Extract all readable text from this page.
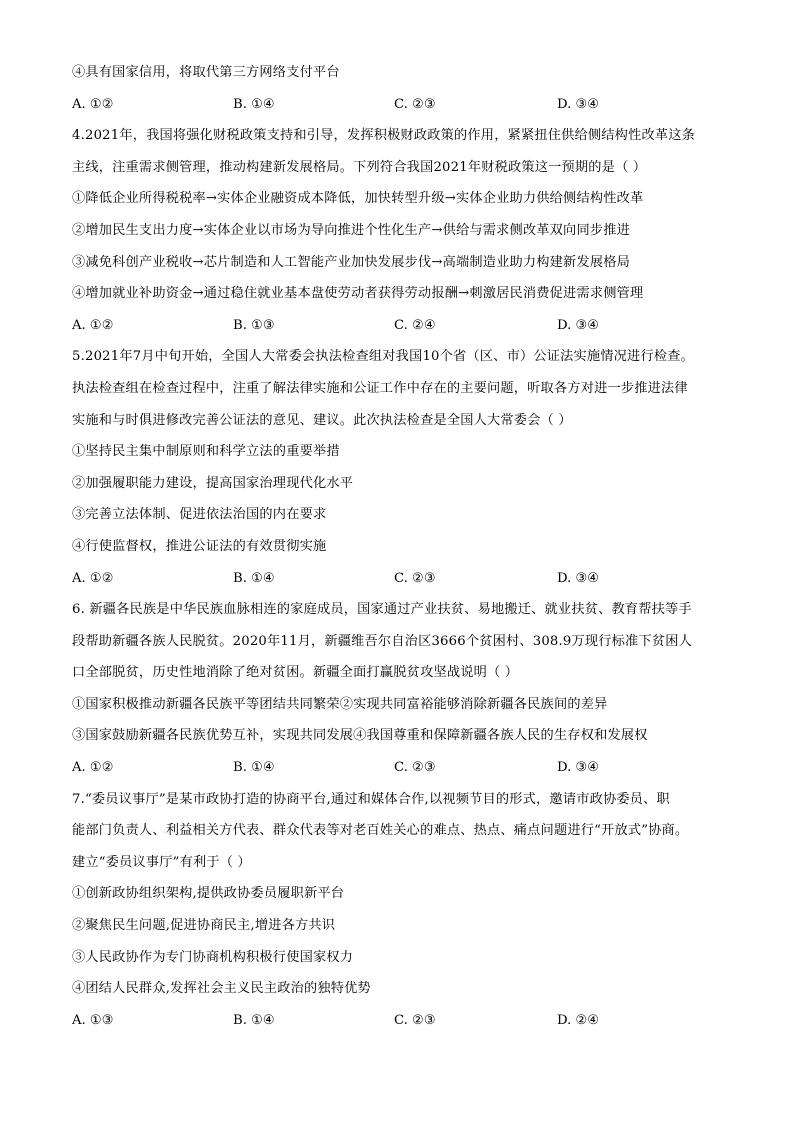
④具有国家信用，将取代第三方网络支付平台
A. ①②	B. ①④	C. ②③	D. ③④
4.2021年，我国将强化财税政策支持和引导，发挥积极财政政策的作用，紧紧扭住供给侧结构性改革这条
主线，注重需求侧管理，推动构建新发展格局。下列符合我国2021年财税政策这一预期的是（ ）
①降低企业所得税税率→实体企业融资成本降低，加快转型升级→实体企业助力供给侧结构性改革
②增加民生支出力度→实体企业以市场为导向推进个性化生产→供给与需求侧改革双向同步推进
③减免科创产业税收→芯片制造和人工智能产业加快发展步伐→高端制造业助力构建新发展格局
④增加就业补助资金→通过稳住就业基本盘使劳动者获得劳动报酬→刺激居民消费促进需求侧管理
A. ①②	B. ①③	C. ②④	D. ③④
5.2021年7月中旬开始，全国人大常委会执法检查组对我国10个省（区、市）公证法实施情况进行检查。
执法检查组在检查过程中，注重了解法律实施和公证工作中存在的主要问题，听取各方对进一步推进法律
实施和与时俱进修改完善公证法的意见、建议。此次执法检查是全国人大常委会（ ）
①坚持民主集中制原则和科学立法的重要举措
②加强履职能力建设，提高国家治理现代化水平
③完善立法体制、促进依法治国的内在要求
④行使监督权，推进公证法的有效贯彻实施
A. ①②	B. ①④	C. ②③	D. ③④
6. 新疆各民族是中华民族血脉相连的家庭成员，国家通过产业扶贫、易地搬迁、就业扶贫、教育帮扶等手
段帮助新疆各族人民脱贫。2020年11月，新疆维吾尔自治区3666个贫困村、308.9万现行标准下贫困人
口全部脱贫，历史性地消除了绝对贫困。新疆全面打赢脱贫攻坚战说明（ ）
①国家积极推动新疆各民族平等团结共同繁荣②实现共同富裕能够消除新疆各民族间的差异
③国家鼓励新疆各民族优势互补，实现共同发展④我国尊重和保障新疆各族人民的生存权和发展权
A. ①②	B. ①④	C. ②③	D. ③④
7.“委员议事厅”是某市政协打造的协商平台,通过和媒体合作,以视频节目的形式，邀请市政协委员、职
能部门负责人、利益相关方代表、群众代表等对老百姓关心的难点、热点、痛点问题进行“开放式”协商。
建立“委员议事厅”有利于（ ）
①创新政协组织架构,提供政协委员履职新平台
②聚焦民生问题,促进协商民主,增进各方共识
③人民政协作为专门协商机构积极行使国家权力
④团结人民群众,发挥社会主义民主政治的独特优势
A. ①③	B. ①④	C. ②③	D. ②④
